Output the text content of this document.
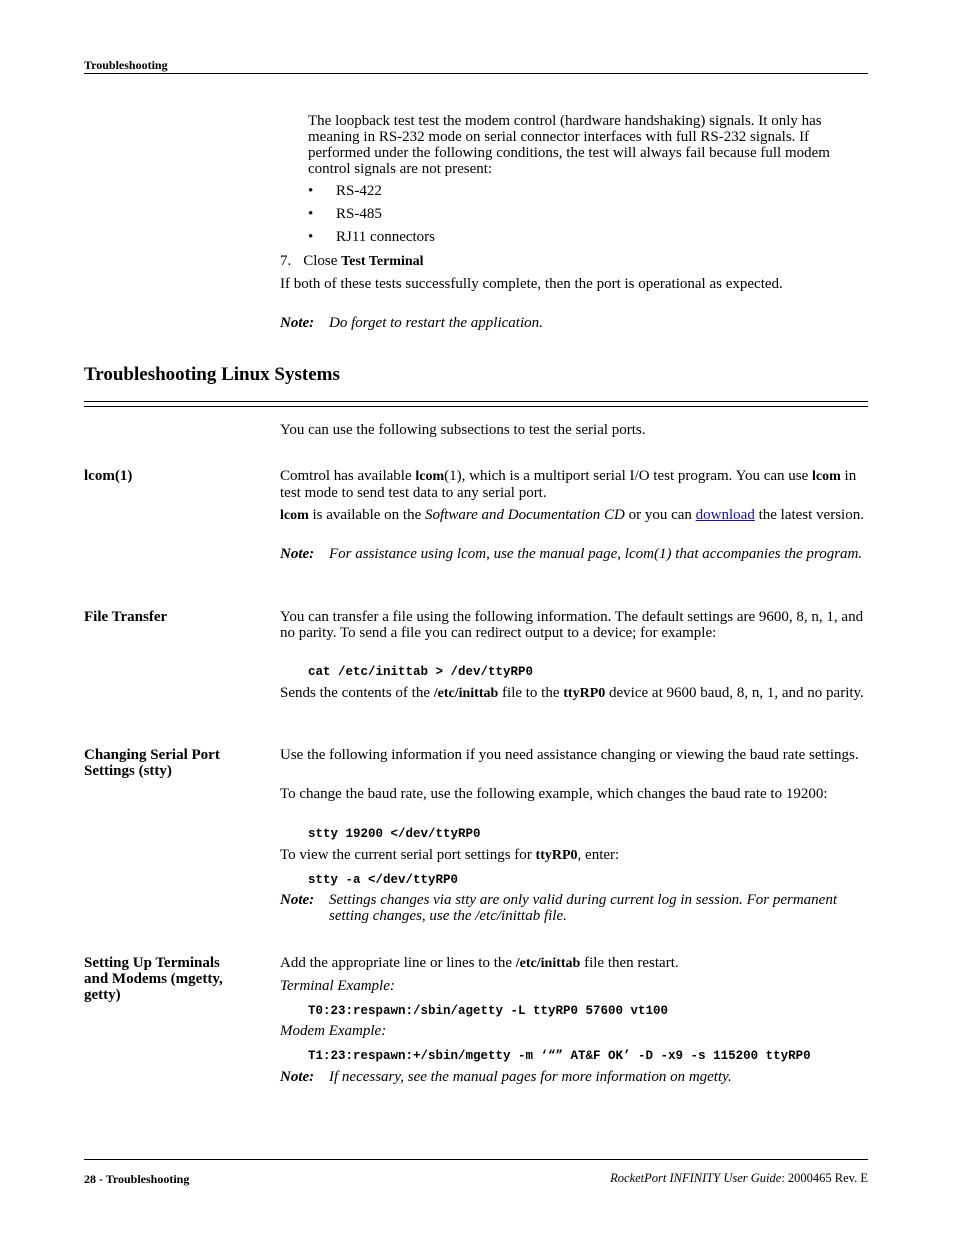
Troubleshooting
The loopback test test the modem control (hardware handshaking) signals. It only has meaning in RS-232 mode on serial connector interfaces with full RS-232 signals. If performed under the following conditions, the test will always fail because full modem control signals are not present:
• RS-422
• RS-485
• RJ11 connectors
7. Close Test Terminal
If both of these tests successfully complete, then the port is operational as expected.
Note: Do forget to restart the application.
Troubleshooting Linux Systems
You can use the following subsections to test the serial ports.
lcom(1)	Comtrol has available lcom(1), which is a multiport serial I/O test program. You can use lcom in test mode to send test data to any serial port.
lcom is available on the Software and Documentation CD or you can download the latest version.
Note: For assistance using lcom, use the manual page, lcom(1) that accompanies the program.
File Transfer	You can transfer a file using the following information. The default settings are 9600, 8, n, 1, and no parity. To send a file you can redirect output to a device; for example:
cat /etc/inittab > /dev/ttyRP0
Sends the contents of the /etc/inittab file to the ttyRP0 device at 9600 baud, 8, n, 1, and no parity.
Changing Serial Port Settings (stty)
Use the following information if you need assistance changing or viewing the baud rate settings.
To change the baud rate, use the following example, which changes the baud rate to 19200:
stty 19200 </dev/ttyRP0
To view the current serial port settings for ttyRP0, enter:
stty -a </dev/ttyRP0
Note: Settings changes via stty are only valid during current log in session. For permanent setting changes, use the /etc/inittab file.
Setting Up Terminals and Modems (mgetty, getty)
Add the appropriate line or lines to the /etc/inittab file then restart.
Terminal Example:
T0:23:respawn:/sbin/agetty -L ttyRP0 57600 vt100
Modem Example:
T1:23:respawn:+/sbin/mgetty -m ‘“” AT&F OK’ -D -x9 -s 115200 ttyRP0
Note: If necessary, see the manual pages for more information on mgetty.
28 - Troubleshooting	RocketPort INFINITY User Guide: 2000465 Rev. E
